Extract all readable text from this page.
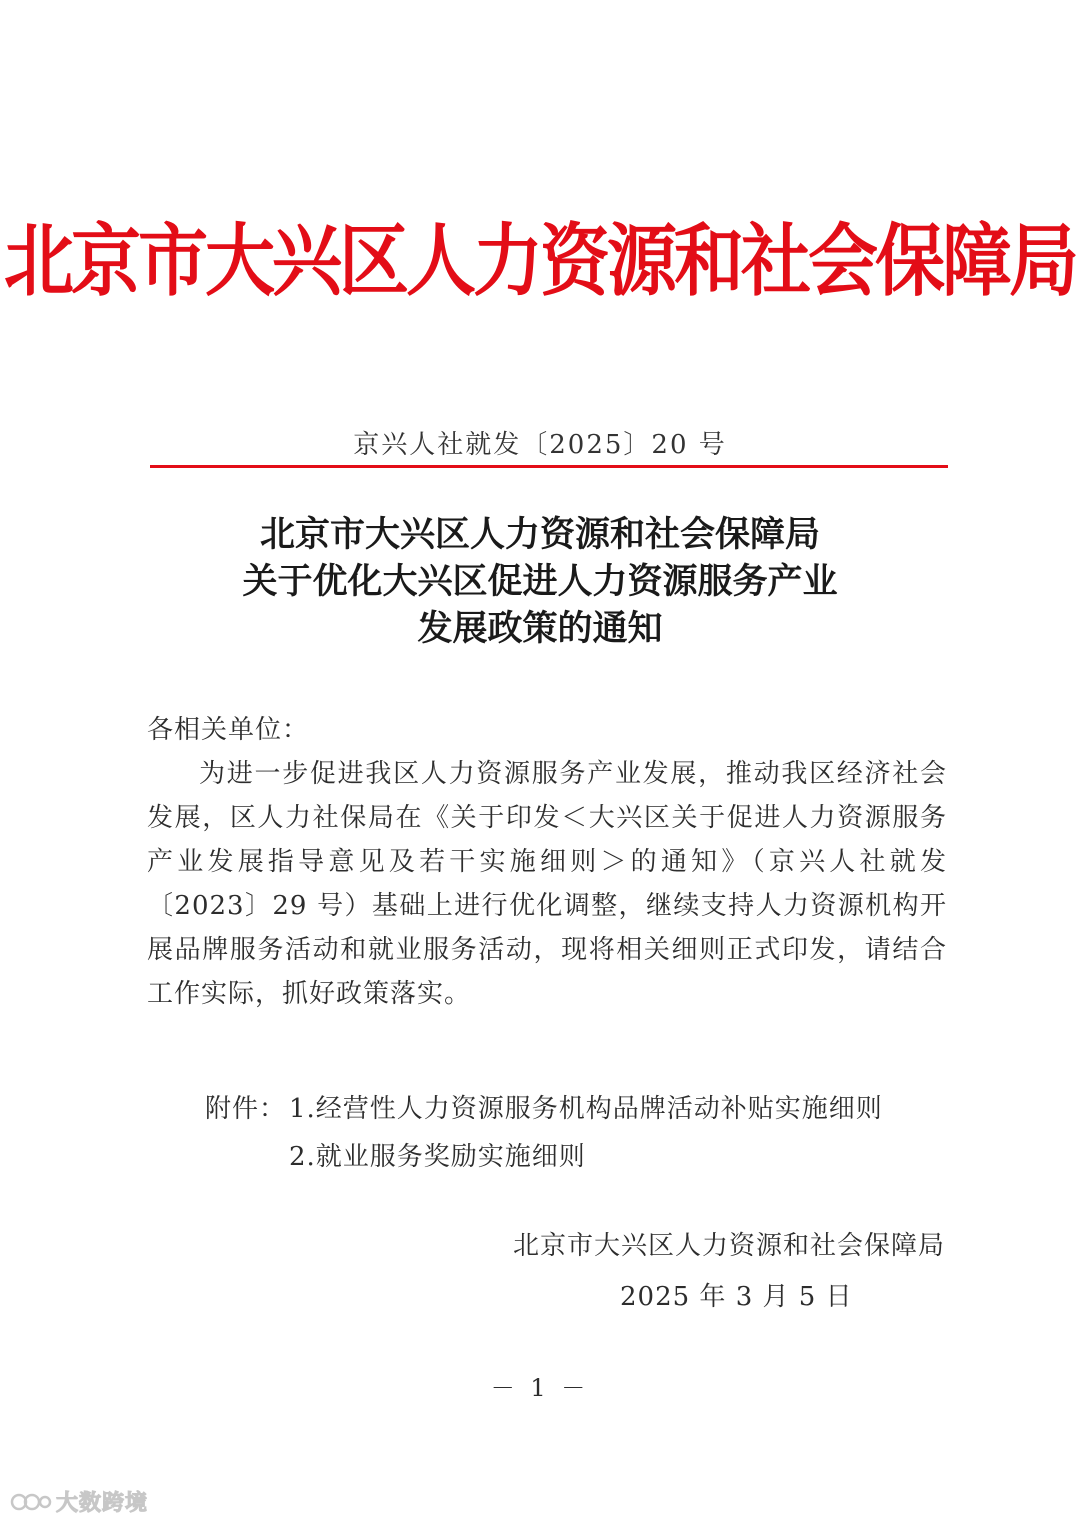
北京市大兴区人力资源和社会保障局
京兴人社就发〔2025〕20 号
北京市大兴区人力资源和社会保障局
关于优化大兴区促进人力资源服务产业
发展政策的通知
各相关单位：
为进一步促进我区人力资源服务产业发展，推动我区经济社会发展，区人力社保局在《关于印发＜大兴区关于促进人力资源服务产业发展指导意见及若干实施细则＞的通知》（京兴人社就发〔2023〕29 号）基础上进行优化调整，继续支持人力资源机构开展品牌服务活动和就业服务活动，现将相关细则正式印发，请结合工作实际，抓好政策落实。
附件： 1.经营性人力资源服务机构品牌活动补贴实施细则
2.就业服务奖励实施细则
北京市大兴区人力资源和社会保障局
2025 年 3 月 5 日
－ 1 －
大数跨境
